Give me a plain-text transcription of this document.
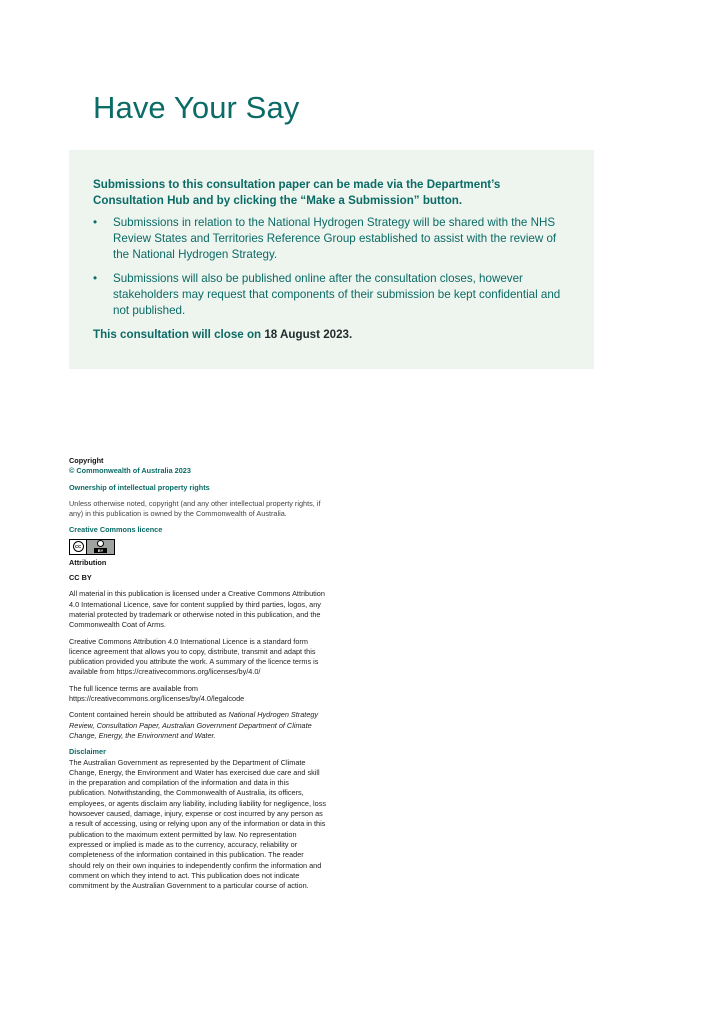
Have Your Say

Submissions to this consultation paper can be made via the Department’s Consultation Hub and by clicking the “Make a Submission” button.

• Submissions in relation to the National Hydrogen Strategy will be shared with the NHS Review States and Territories Reference Group established to assist with the review of the National Hydrogen Strategy.
• Submissions will also be published online after the consultation closes, however stakeholders may request that components of their submission be kept confidential and not published.

This consultation will close on 18 August 2023.

Copyright

© Commonwealth of Australia 2023

Ownership of intellectual property rights

Unless otherwise noted, copyright (and any other intellectual property rights, if any) in this publication is owned by the Commonwealth of Australia.

Creative Commons licence

cc
BY

Attribution

CC BY

All material in this publication is licensed under a Creative Commons Attribution 4.0 International Licence, save for content supplied by third parties, logos, any material protected by trademark or otherwise noted in this publication, and the Commonwealth Coat of Arms.

Creative Commons Attribution 4.0 International Licence is a standard form licence agreement that allows you to copy, distribute, transmit and adapt this publication provided you attribute the work. A summary of the licence terms is available from https://creativecommons.org/licenses/by/4.0/

The full licence terms are available from https://creativecommons.org/licenses/by/4.0/legalcode

Content contained herein should be attributed as National Hydrogen Strategy Review, Consultation Paper, Australian Government Department of Climate Change, Energy, the Environment and Water.

Disclaimer

The Australian Government as represented by the Department of Climate Change, Energy, the Environment and Water has exercised due care and skill in the preparation and compilation of the information and data in this publication. Notwithstanding, the Commonwealth of Australia, its officers, employees, or agents disclaim any liability, including liability for negligence, loss howsoever caused, damage, injury, expense or cost incurred by any person as a result of accessing, using or relying upon any of the information or data in this publication to the maximum extent permitted by law. No representation expressed or implied is made as to the currency, accuracy, reliability or completeness of the information contained in this publication. The reader should rely on their own inquiries to independently confirm the information and comment on which they intend to act. This publication does not indicate commitment by the Australian Government to a particular course of action.
